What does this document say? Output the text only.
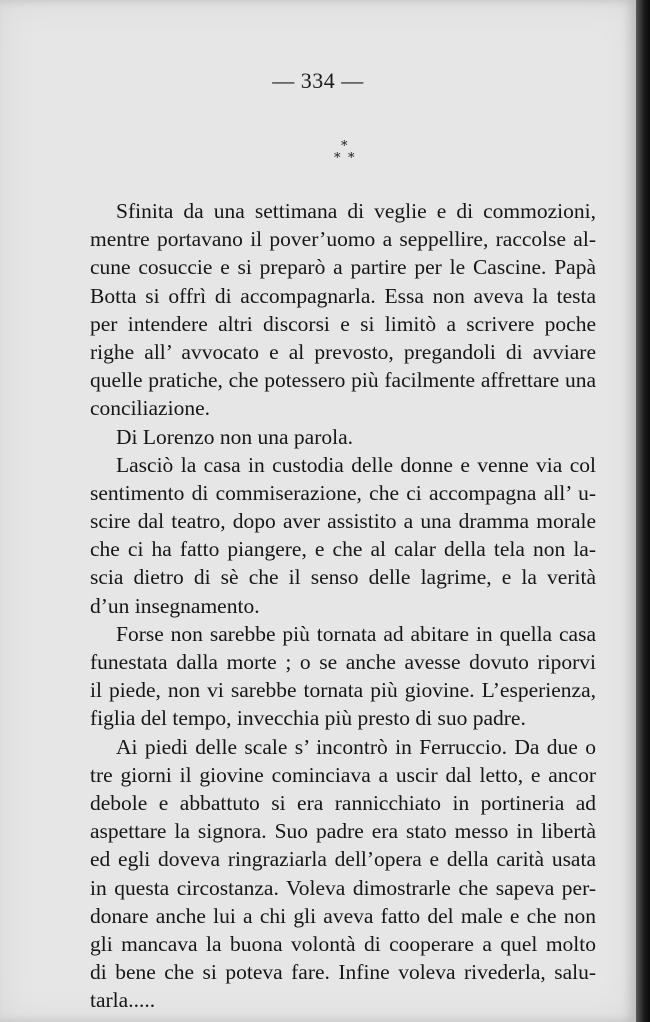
— 334 —
*
* *
Sfinita da una settimana di veglie e di commozioni,
mentre portavano il pover’uomo a seppellire, raccolse al-
cune cosuccie e si preparò a partire per le Cascine. Papà
Botta si offrì di accompagnarla. Essa non aveva la testa
per intendere altri discorsi e si limitò a scrivere poche
righe all’ avvocato e al prevosto, pregandoli di avviare
quelle pratiche, che potessero più facilmente affrettare una
conciliazione.
Di Lorenzo non una parola.
Lasciò la casa in custodia delle donne e venne via col
sentimento di commiserazione, che ci accompagna all’ u-
scire dal teatro, dopo aver assistito a una dramma morale
che ci ha fatto piangere, e che al calar della tela non la-
scia dietro di sè che il senso delle lagrime, e la verità
d’un insegnamento.
Forse non sarebbe più tornata ad abitare in quella casa
funestata dalla morte ; o se anche avesse dovuto riporvi
il piede, non vi sarebbe tornata più giovine. L’esperienza,
figlia del tempo, invecchia più presto di suo padre.
Ai piedi delle scale s’ incontrò in Ferruccio. Da due o
tre giorni il giovine cominciava a uscir dal letto, e ancor
debole e abbattuto si era rannicchiato in portineria ad
aspettare la signora. Suo padre era stato messo in libertà
ed egli doveva ringraziarla dell’opera e della carità usata
in questa circostanza. Voleva dimostrarle che sapeva per-
donare anche lui a chi gli aveva fatto del male e che non
gli mancava la buona volontà di cooperare a quel molto
di bene che si poteva fare. Infine voleva rivederla, salu-
tarla.....
